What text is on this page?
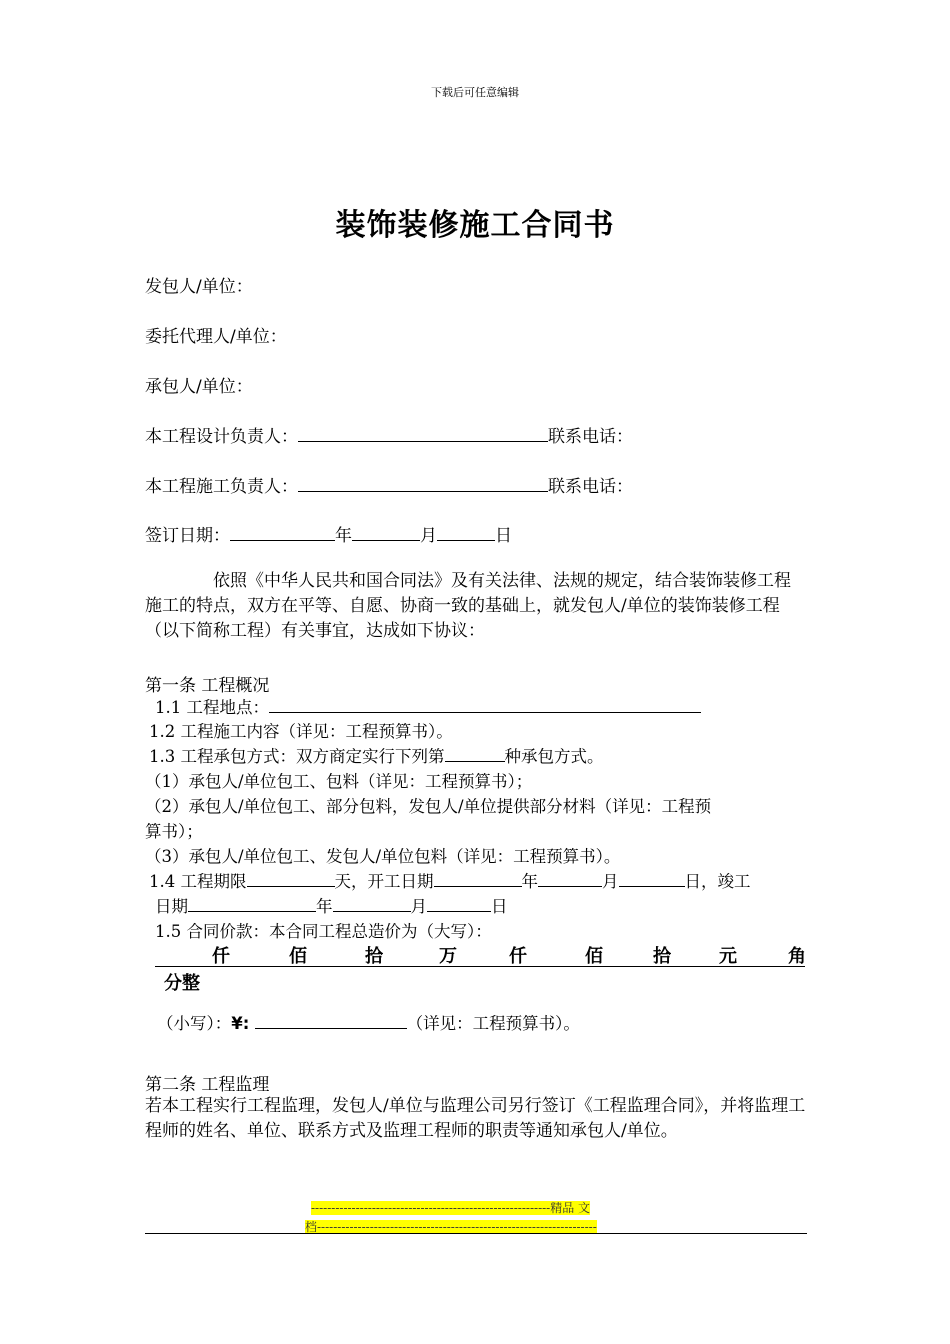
下载后可任意编辑
装饰装修施工合同书
发包人/单位：
委托代理人/单位：
承包人/单位：
本工程设计负责人：	联系电话：
本工程施工负责人：	联系电话：
签订日期：	年	月	日
依照《中华人民共和国合同法》及有关法律、法规的规定，结合装饰装修工程施工的特点，双方在平等、自愿、协商一致的基础上，就发包人/单位的装饰装修工程（以下简称工程）有关事宜，达成如下协议：
第一条 工程概况
1.1 工程地点：
1.2 工程施工内容（详见：工程预算书）。
1.3 工程承包方式：双方商定实行下列第	种承包方式。
（1）承包人/单位包工、包料（详见：工程预算书）；
（2）承包人/单位包工、部分包料，发包人/单位提供部分材料（详见：工程预
算书）；
（3）承包人/单位包工、发包人/单位包料（详见：工程预算书）。
1.4 工程期限	天，开工日期	年	月	日，竣工
日期	年	月	日
1.5 合同价款：本合同工程总造价为（大写）：
仟	佰	拾	万	仟	佰	拾	元	角
分整
（小写）：¥:	（详见：工程预算书）。
第二条 工程监理
若本工程实行工程监理，发包人/单位与监理公司另行签订《工程监理合同》，并将监理工程师的姓名、单位、联系方式及监理工程师的职责等通知承包人/单位。
-----------------------------------------------------------精品 文
档---------------------------------------------------------------------
